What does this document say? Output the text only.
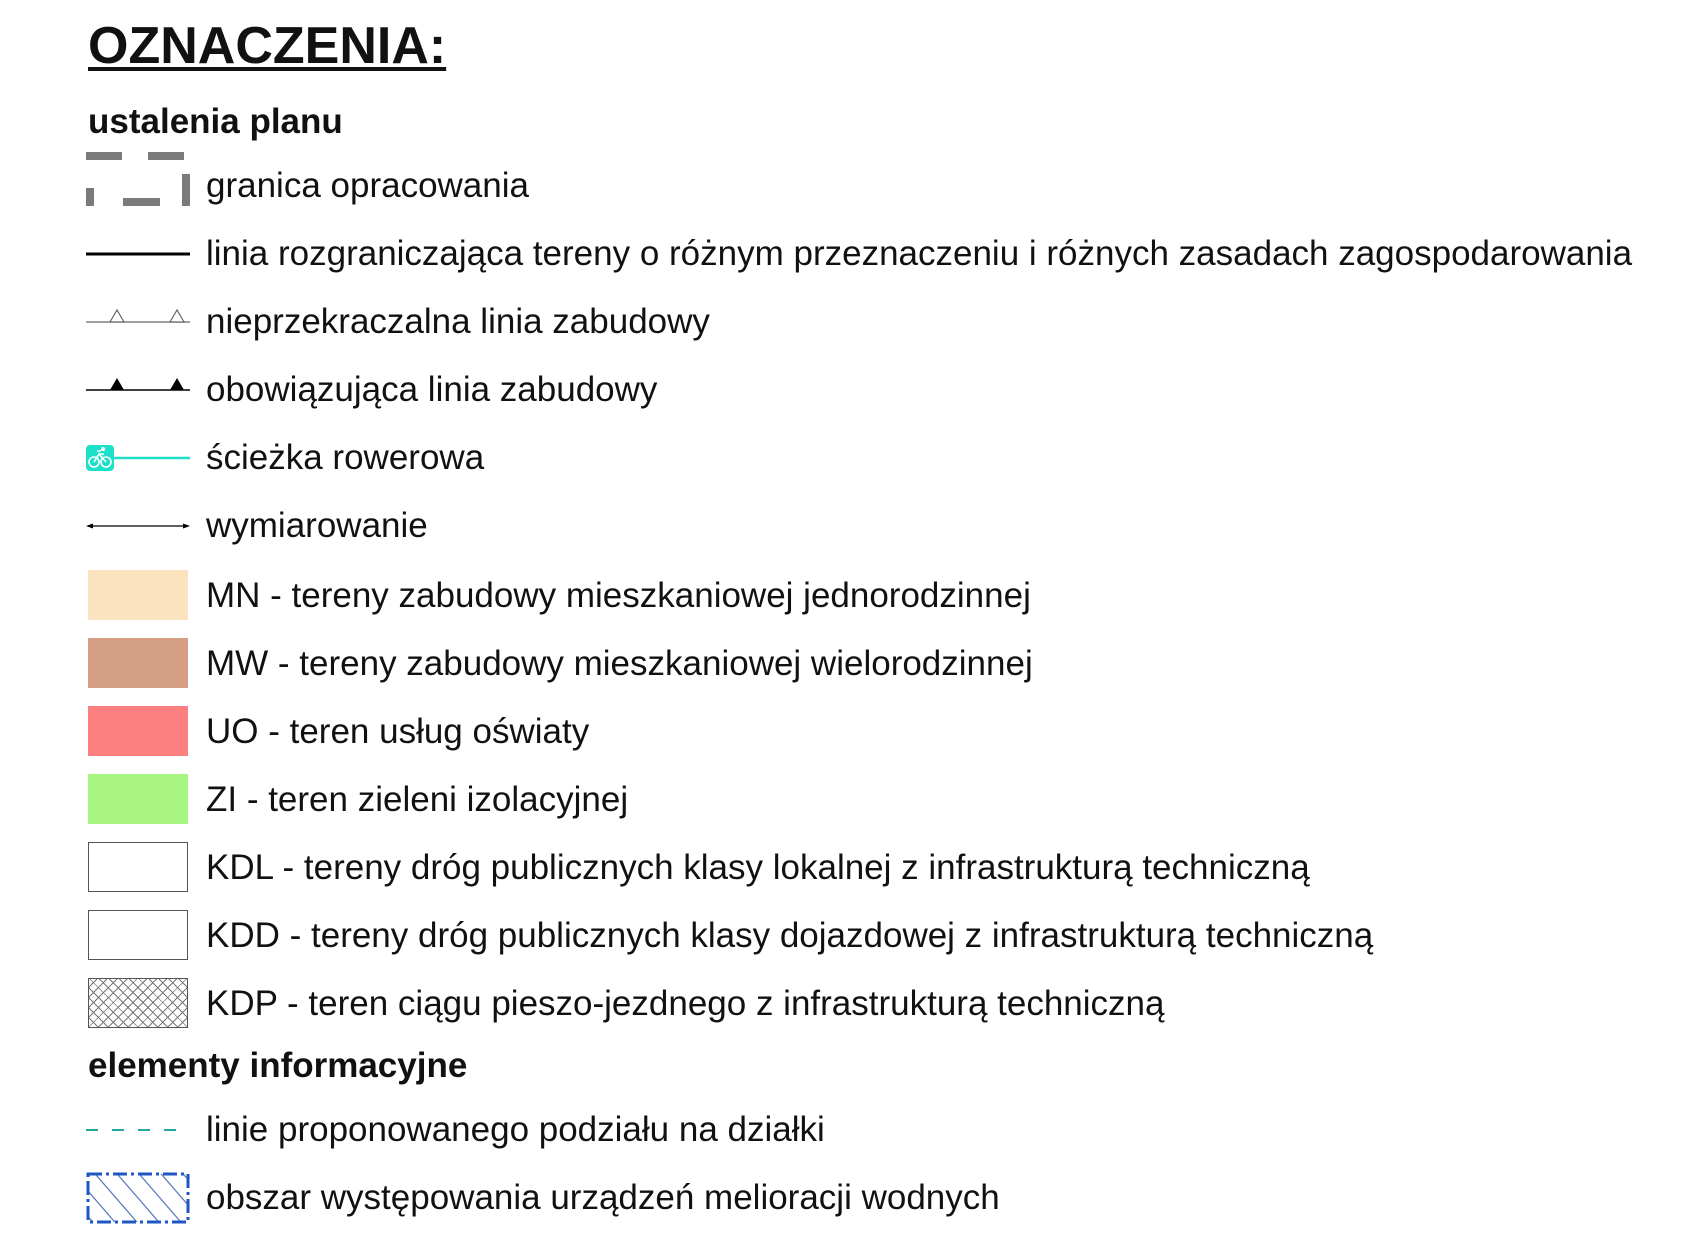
OZNACZENIA:
ustalenia planu
granica opracowania
linia rozgraniczająca tereny o różnym przeznaczeniu i różnych zasadach zagospodarowania
nieprzekraczalna linia zabudowy
obowiązująca linia zabudowy
ścieżka rowerowa
wymiarowanie
MN - tereny zabudowy mieszkaniowej jednorodzinnej
MW - tereny zabudowy mieszkaniowej wielorodzinnej
UO - teren usług oświaty
ZI - teren zieleni izolacyjnej
KDL - tereny dróg publicznych klasy lokalnej z infrastrukturą techniczną
KDD - tereny dróg publicznych klasy dojazdowej z infrastrukturą techniczną
KDP - teren ciągu pieszo-jezdnego z infrastrukturą techniczną
elementy informacyjne
linie proponowanego podziału na działki
obszar występowania urządzeń melioracji wodnych
